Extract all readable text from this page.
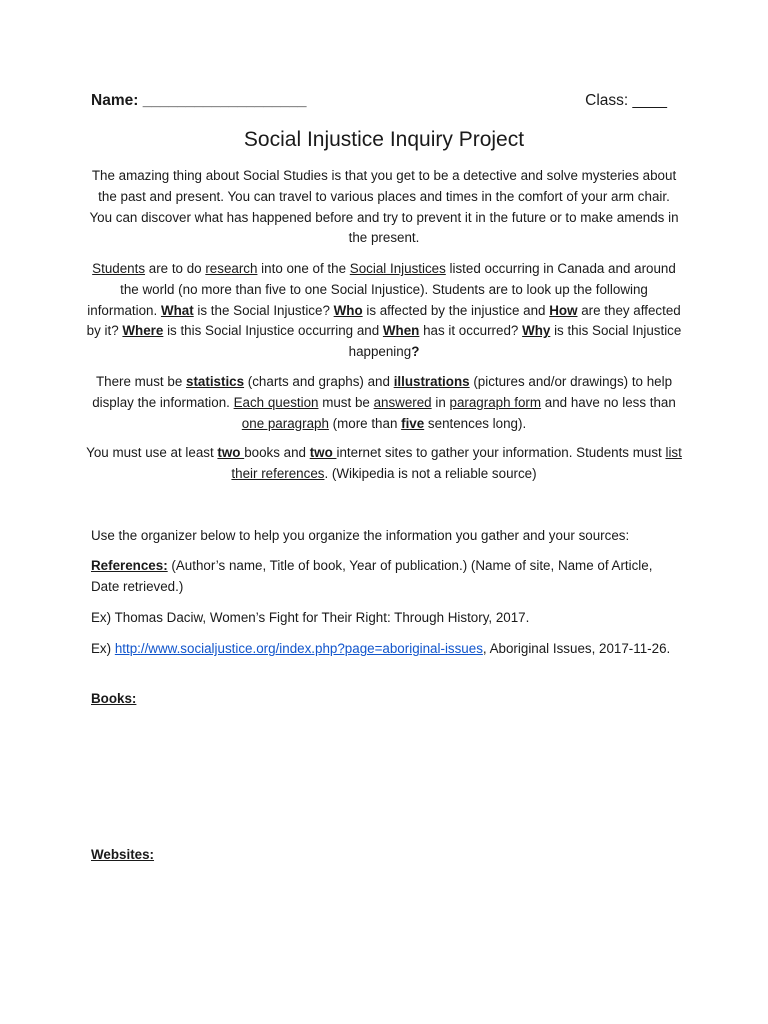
Name: ___________________	Class: ____
Social Injustice Inquiry Project
The amazing thing about Social Studies is that you get to be a detective and solve mysteries about the past and present. You can travel to various places and times in the comfort of your arm chair. You can discover what has happened before and try to prevent it in the future or to make amends in the present.
Students are to do research into one of the Social Injustices listed occurring in Canada and around the world (no more than five to one Social Injustice). Students are to look up the following information. What is the Social Injustice? Who is affected by the injustice and How are they affected by it? Where is this Social Injustice occurring and When has it occurred? Why is this Social Injustice happening?
There must be statistics (charts and graphs) and illustrations (pictures and/or drawings) to help display the information. Each question must be answered in paragraph form and have no less than one paragraph (more than five sentences long).
You must use at least two books and two internet sites to gather your information. Students must list their references. (Wikipedia is not a reliable source)
Use the organizer below to help you organize the information you gather and your sources:
References: (Author’s name, Title of book, Year of publication.) (Name of site, Name of Article, Date retrieved.)
Ex) Thomas Daciw, Women’s Fight for Their Right: Through History, 2017.
Ex) http://www.socialjustice.org/index.php?page=aboriginal-issues, Aboriginal Issues, 2017-11-26.
Books:
Websites:
